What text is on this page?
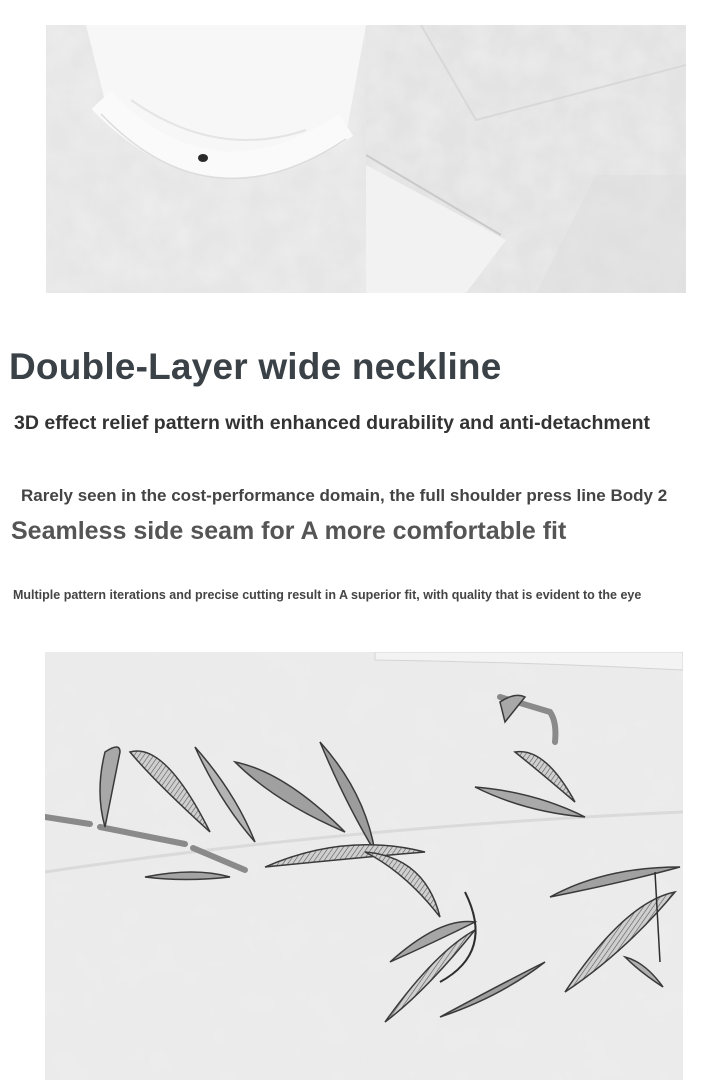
Double-Layer wide neckline
3D effect relief pattern with enhanced durability and anti-detachment
Rarely seen in the cost-performance domain, the full shoulder press line Body 2
Seamless side seam for A more comfortable fit
Multiple pattern iterations and precise cutting result in A superior fit, with quality that is evident to the eye
